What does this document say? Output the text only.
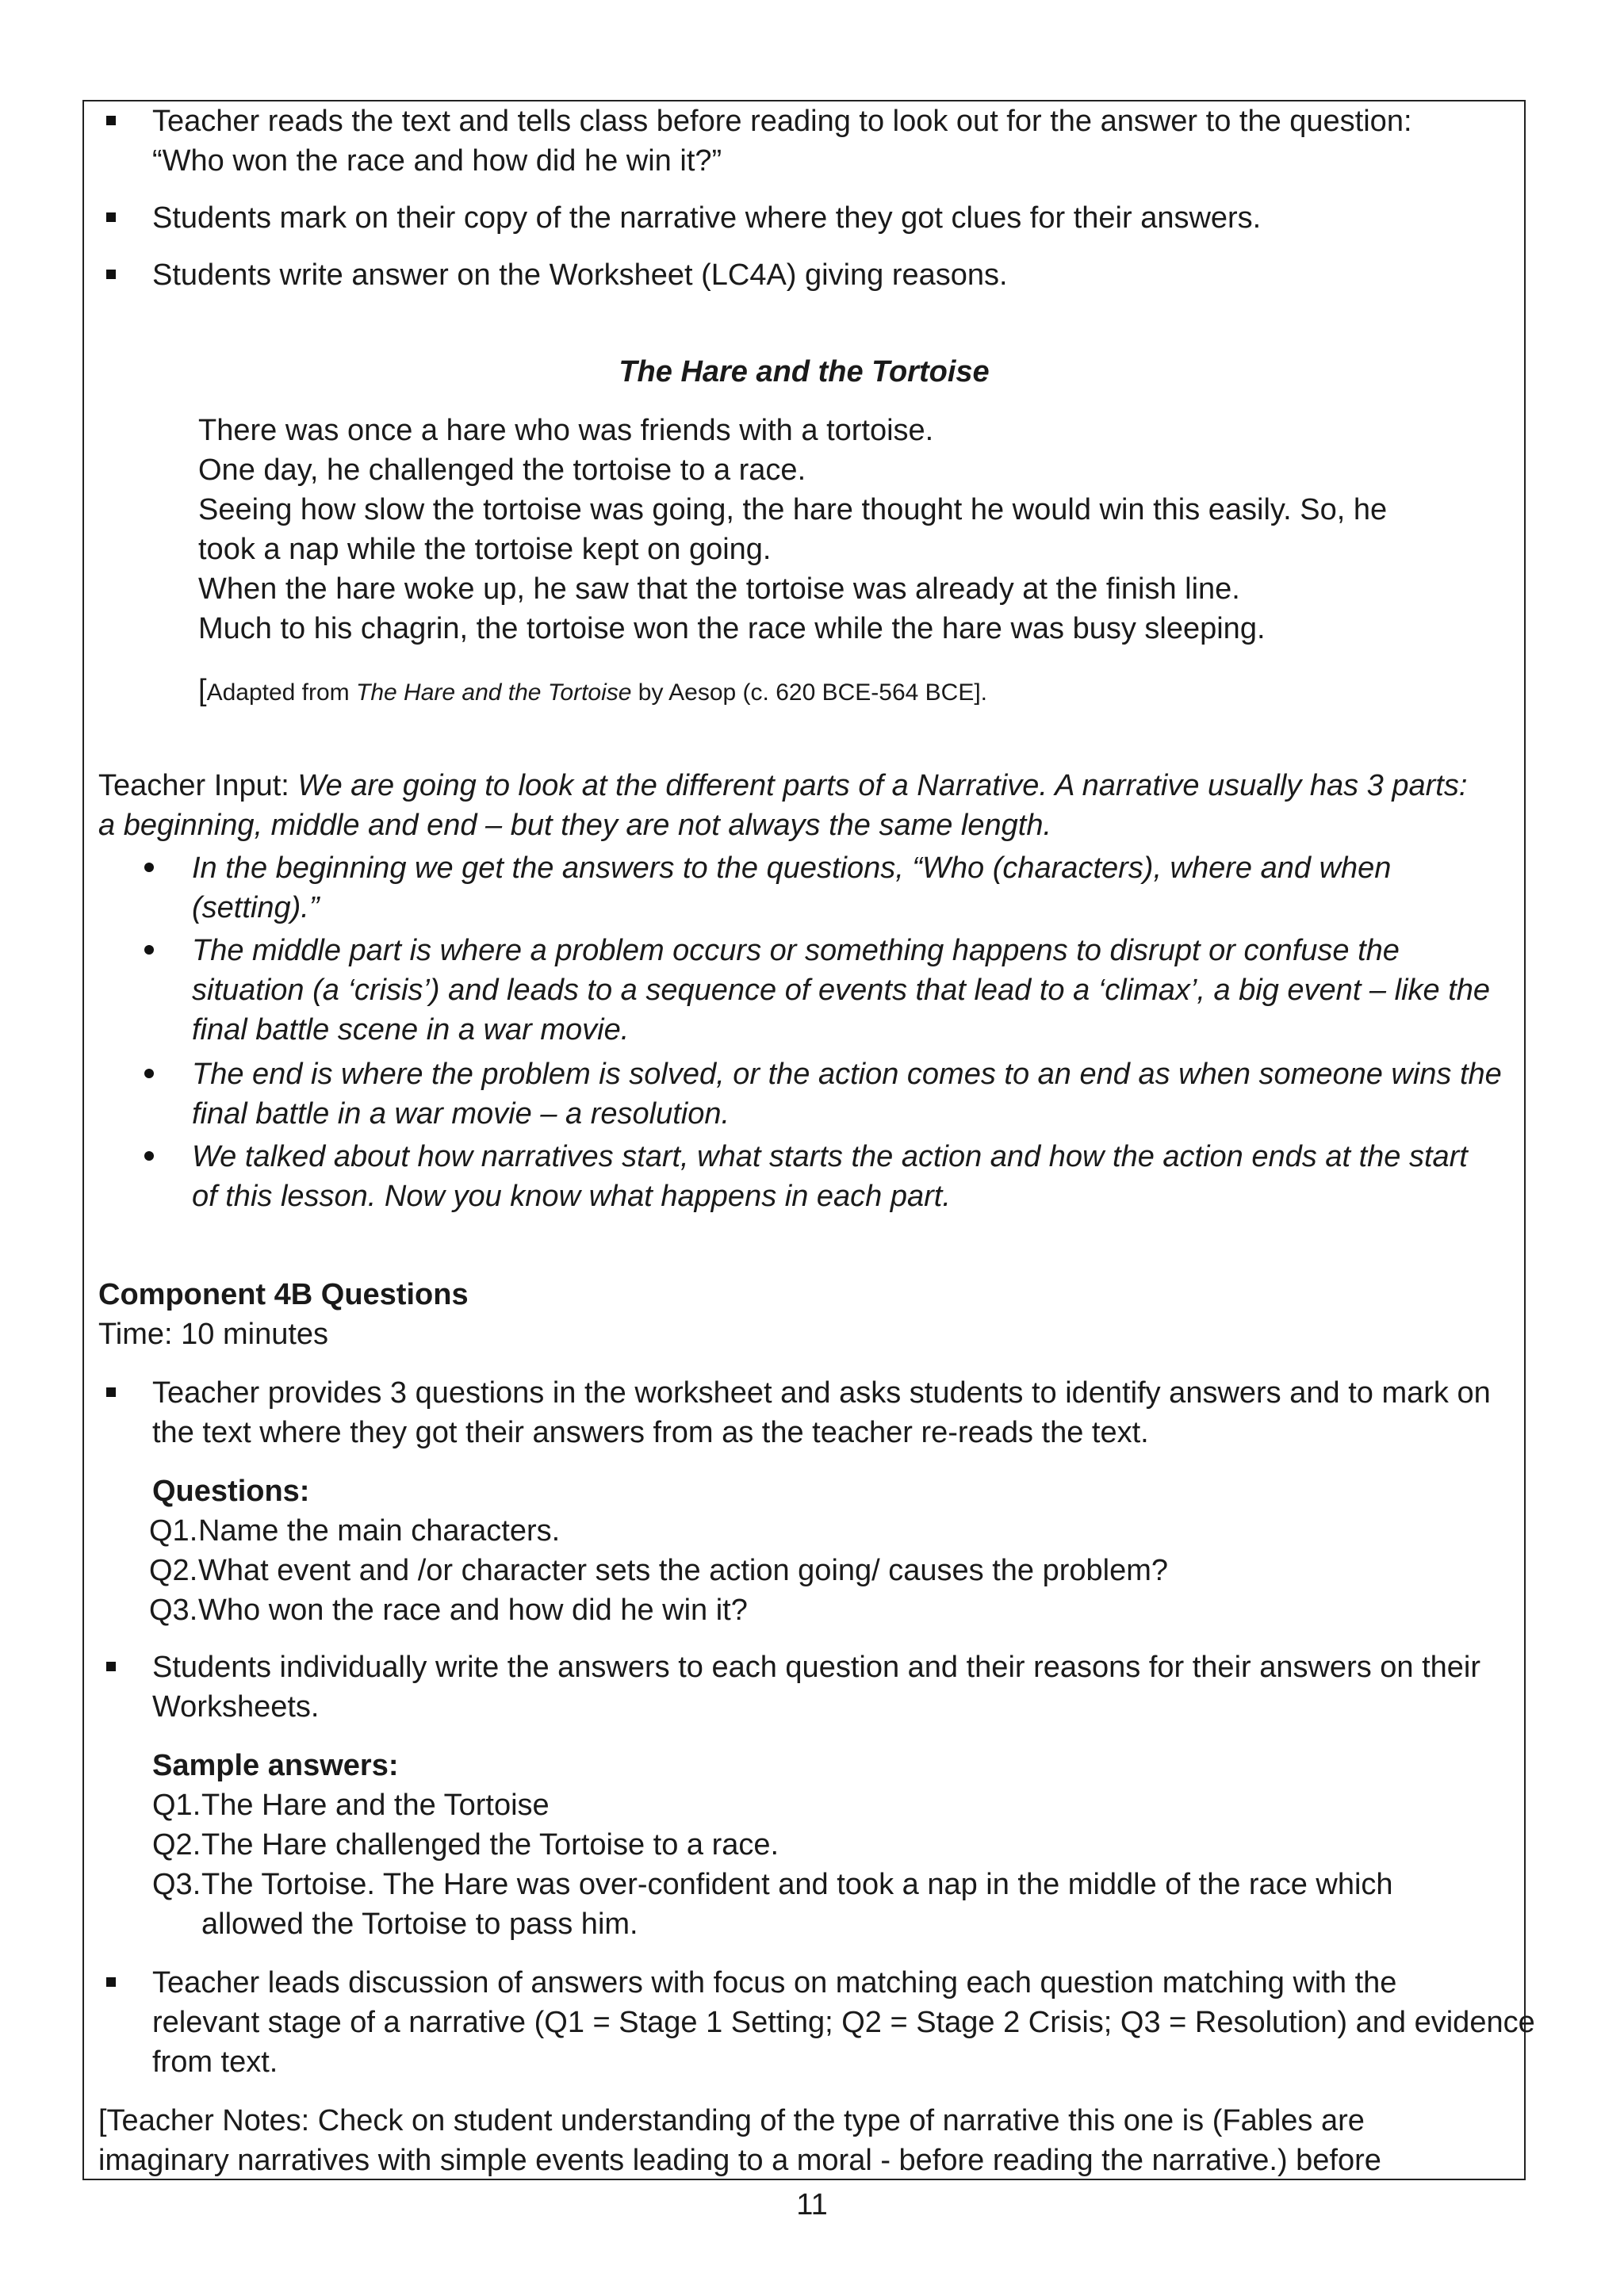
Teacher reads the text and tells class before reading to look out for the answer to the question:
“Who won the race and how did he win it?”
Students mark on their copy of the narrative where they got clues for their answers.
Students write answer on the Worksheet (LC4A) giving reasons.
The Hare and the Tortoise
There was once a hare who was friends with a tortoise.
One day, he challenged the tortoise to a race.
Seeing how slow the tortoise was going, the hare thought he would win this easily. So, he
took a nap while the tortoise kept on going.
When the hare woke up, he saw that the tortoise was already at the finish line.
Much to his chagrin, the tortoise won the race while the hare was busy sleeping.
[Adapted from The Hare and the Tortoise by Aesop (c. 620 BCE-564 BCE].
Teacher Input: We are going to look at the different parts of a Narrative. A narrative usually has 3 parts:
a beginning, middle and end – but they are not always the same length.
In the beginning we get the answers to the questions, “Who (characters), where and when
(setting).”
The middle part is where a problem occurs or something happens to disrupt or confuse the
situation (a ‘crisis’) and leads to a sequence of events that lead to a ‘climax’, a big event – like the
final battle scene in a war movie.
The end is where the problem is solved, or the action comes to an end as when someone wins the
final battle in a war movie – a resolution.
We talked about how narratives start, what starts the action and how the action ends at the start
of this lesson. Now you know what happens in each part.
Component 4B Questions
Time: 10 minutes
Teacher provides 3 questions in the worksheet and asks students to identify answers and to mark on
the text where they got their answers from as the teacher re-reads the text.
Questions:
Q1. Name the main characters.
Q2. What event and /or character sets the action going/ causes the problem?
Q3. Who won the race and how did he win it?
Students individually write the answers to each question and their reasons for their answers on their
Worksheets.
Sample answers:
Q1. The Hare and the Tortoise
Q2. The Hare challenged the Tortoise to a race.
Q3. The Tortoise. The Hare was over-confident and took a nap in the middle of the race which
allowed the Tortoise to pass him.
Teacher leads discussion of answers with focus on matching each question matching with the
relevant stage of a narrative (Q1 = Stage 1 Setting; Q2 = Stage 2 Crisis; Q3 = Resolution) and evidence
from text.
[Teacher Notes: Check on student understanding of the type of narrative this one is (Fables are
imaginary narratives with simple events leading to a moral - before reading the narrative.) before
11
